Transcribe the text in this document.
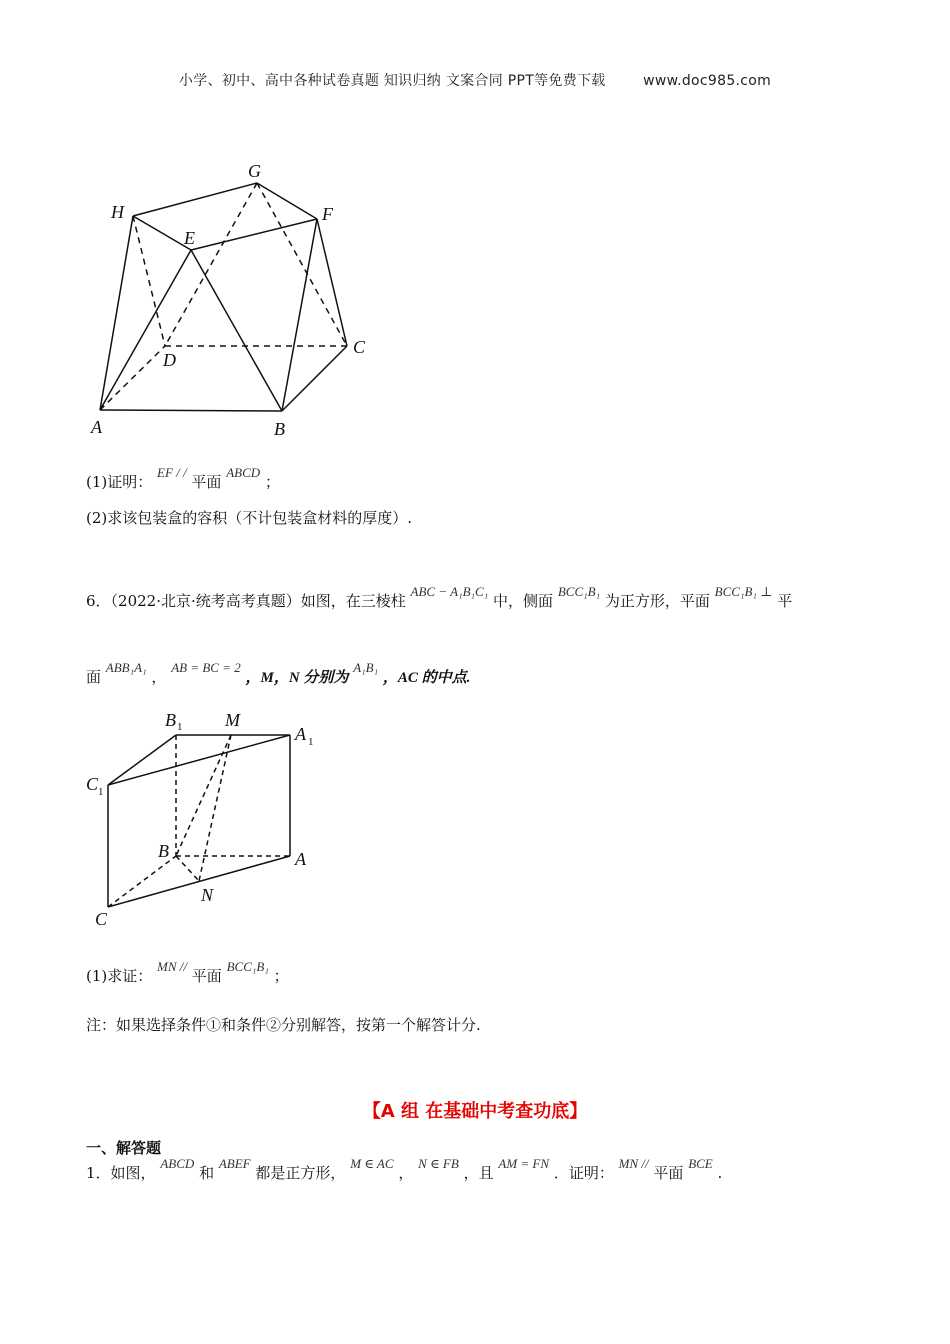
小学、初中、高中各种试卷真题 知识归纳 文案合同 PPT等免费下载	www.doc985.com
G
H	F
E
D
C
A	B
(1)证明： EF / / 平面 ABCD ；
(2)求该包装盒的容积（不计包装盒材料的厚度）.
6．（2022·北京·统考高考真题）如图，在三棱柱 ABC − A₁B₁C₁ 中，侧面 BCC₁B₁ 为正方形，平面 BCC₁B₁ ⊥ 平
面 ABB₁A₁ ， AB = BC = 2 ，M，N 分别为 A₁B₁ ，AC 的中点.
B 1 M
A 1
C 1
B	A
N
C
(1)求证： MN // 平面 BCC₁B₁ ；
注：如果选择条件①和条件②分别解答，按第一个解答计分.
【A 组 在基础中考查功底】
一、解答题
1．如图， ABCD 和 ABEF 都是正方形， M ∈ AC ， N ∈ FB ，且 AM = FN ．证明： MN // 平面 BCE .
